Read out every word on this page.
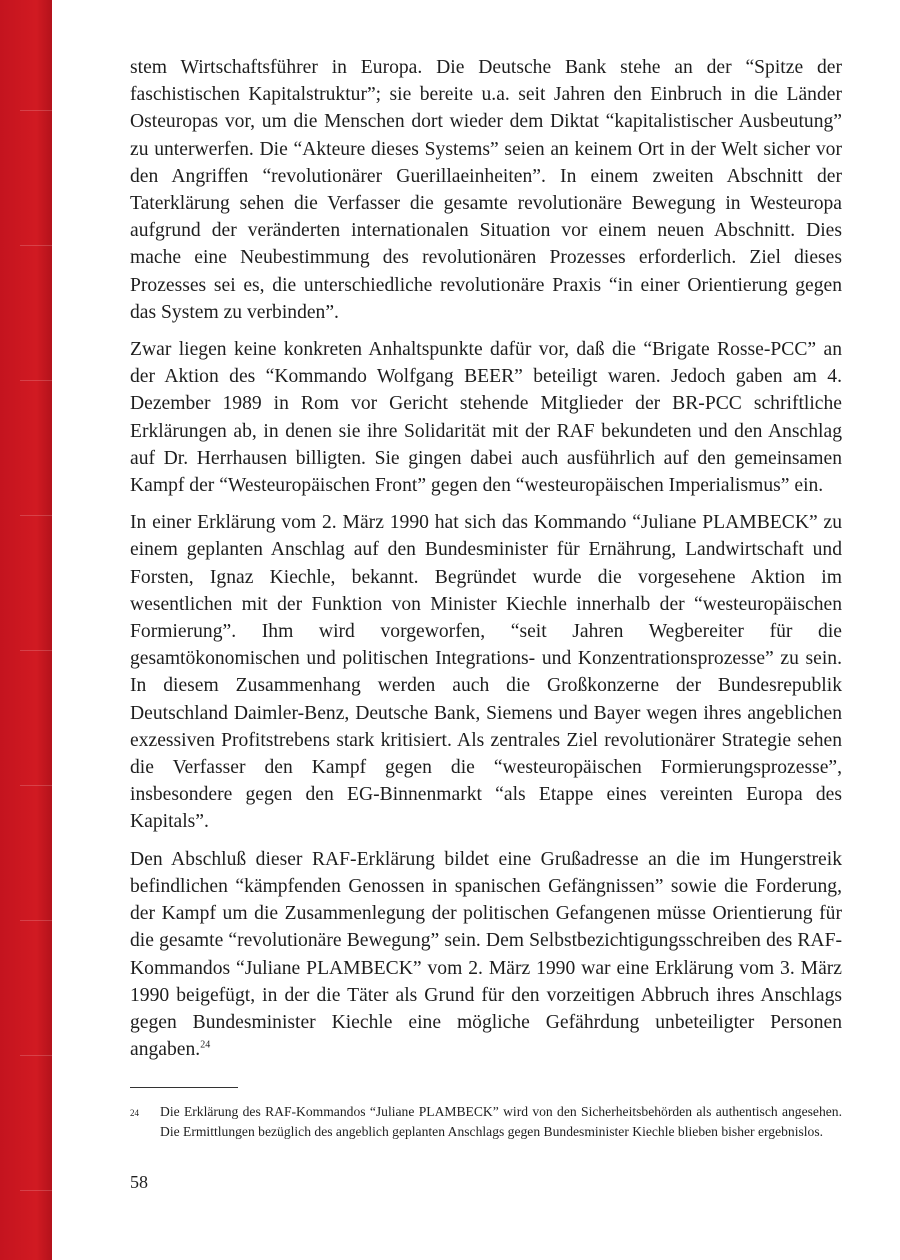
stem Wirtschaftsführer in Europa. Die Deutsche Bank stehe an der “Spitze der faschistischen Kapitalstruktur”; sie bereite u.a. seit Jahren den Einbruch in die Länder Osteuropas vor, um die Menschen dort wieder dem Diktat “kapitalistischer Ausbeutung” zu unterwerfen. Die “Akteure dieses Systems” seien an keinem Ort in der Welt sicher vor den Angriffen “revolutionärer Guerillaeinheiten”. In einem zweiten Abschnitt der Taterklärung sehen die Verfasser die gesamte revolutionäre Bewegung in Westeuropa aufgrund der veränderten internationalen Situation vor einem neuen Abschnitt. Dies mache eine Neubestimmung des revolutionären Prozesses erforderlich. Ziel dieses Prozesses sei es, die unterschiedliche revolutionäre Praxis “in einer Orientierung gegen das System zu verbinden”.

Zwar liegen keine konkreten Anhaltspunkte dafür vor, daß die “Brigate Rosse-PCC” an der Aktion des “Kommando Wolfgang BEER” beteiligt waren. Jedoch gaben am 4. Dezember 1989 in Rom vor Gericht stehende Mitglieder der BR-PCC schriftliche Erklärungen ab, in denen sie ihre Solidarität mit der RAF bekundeten und den Anschlag auf Dr. Herrhausen billigten. Sie gingen dabei auch ausführlich auf den gemeinsamen Kampf der “Westeuropäischen Front” gegen den “westeuropäischen Imperialismus” ein.

In einer Erklärung vom 2. März 1990 hat sich das Kommando “Juliane PLAMBECK” zu einem geplanten Anschlag auf den Bundesminister für Ernährung, Landwirtschaft und Forsten, Ignaz Kiechle, bekannt. Begründet wurde die vorgesehene Aktion im wesentlichen mit der Funktion von Minister Kiechle innerhalb der “westeuropäischen Formierung”. Ihm wird vorgeworfen, “seit Jahren Wegbereiter für die gesamtökonomischen und politischen Integrations- und Konzentrationsprozesse” zu sein. In diesem Zusammenhang werden auch die Großkonzerne der Bundesrepublik Deutschland Daimler-Benz, Deutsche Bank, Siemens und Bayer wegen ihres angeblichen exzessiven Profitstrebens stark kritisiert. Als zentrales Ziel revolutionärer Strategie sehen die Verfasser den Kampf gegen die “westeuropäischen Formierungsprozesse”, insbesondere gegen den EG-Binnenmarkt “als Etappe eines vereinten Europa des Kapitals”.

Den Abschluß dieser RAF-Erklärung bildet eine Grußadresse an die im Hungerstreik befindlichen “kämpfenden Genossen in spanischen Gefängnissen” sowie die Forderung, der Kampf um die Zusammenlegung der politischen Gefangenen müsse Orientierung für die gesamte “revolutionäre Bewegung” sein. Dem Selbstbezichtigungsschreiben des RAF-Kommandos “Juliane PLAMBECK” vom 2. März 1990 war eine Erklärung vom 3. März 1990 beigefügt, in der die Täter als Grund für den vorzeitigen Abbruch ihres Anschlags gegen Bundesminister Kiechle eine mögliche Gefährdung unbeteiligter Personen angaben.$^{24}$

24	Die Erklärung des RAF-Kommandos “Juliane PLAMBECK” wird von den Sicherheitsbehörden als authentisch angesehen. Die Ermittlungen bezüglich des angeblich geplanten Anschlags gegen Bundesminister Kiechle blieben bisher ergebnislos.
58
